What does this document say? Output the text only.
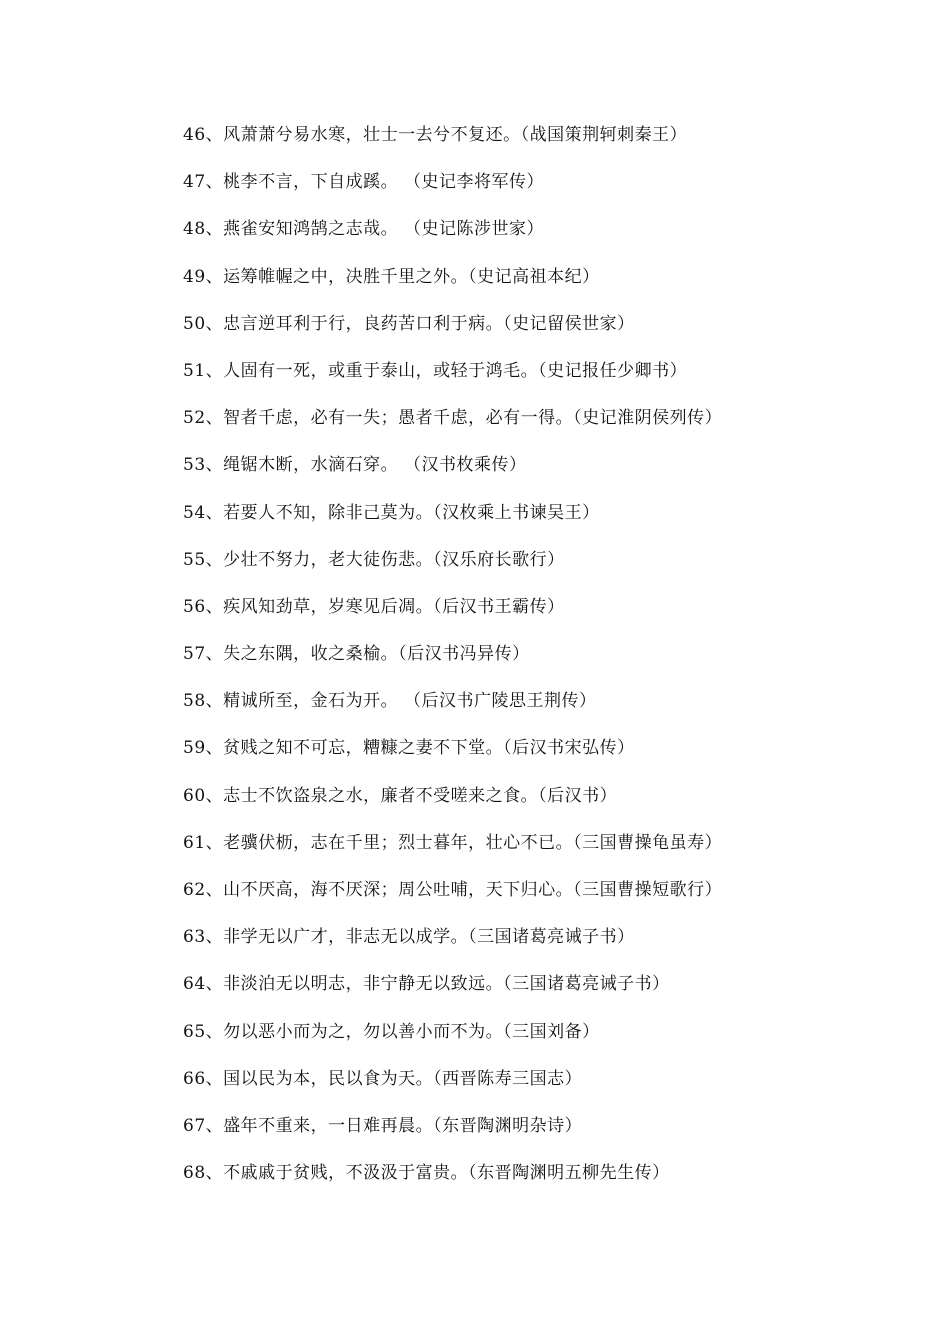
46、风萧萧兮易水寒，壮士一去兮不复还。（战国策荆轲刺秦王）
47、桃李不言，下自成蹊。 （史记李将军传）
48、燕雀安知鸿鹄之志哉。 （史记陈涉世家）
49、运筹帷幄之中，决胜千里之外。（史记高祖本纪）
50、忠言逆耳利于行，良药苦口利于病。（史记留侯世家）
51、人固有一死，或重于泰山，或轻于鸿毛。（史记报任少卿书）
52、智者千虑，必有一失；愚者千虑，必有一得。（史记淮阴侯列传）
53、绳锯木断，水滴石穿。 （汉书枚乘传）
54、若要人不知，除非己莫为。（汉枚乘上书谏吴王）
55、少壮不努力，老大徒伤悲。（汉乐府长歌行）
56、疾风知劲草，岁寒见后凋。（后汉书王霸传）
57、失之东隅，收之桑榆。（后汉书冯异传）
58、精诚所至，金石为开。 （后汉书广陵思王荆传）
59、贫贱之知不可忘，糟糠之妻不下堂。（后汉书宋弘传）
60、志士不饮盗泉之水，廉者不受嗟来之食。（后汉书）
61、老骥伏枥，志在千里；烈士暮年，壮心不已。（三国曹操龟虽寿）
62、山不厌高，海不厌深；周公吐哺，天下归心。（三国曹操短歌行）
63、非学无以广才，非志无以成学。（三国诸葛亮诫子书）
64、非淡泊无以明志，非宁静无以致远。（三国诸葛亮诫子书）
65、勿以恶小而为之，勿以善小而不为。（三国刘备）
66、国以民为本，民以食为天。（西晋陈寿三国志）
67、盛年不重来，一日难再晨。（东晋陶渊明杂诗）
68、不戚戚于贫贱，不汲汲于富贵。（东晋陶渊明五柳先生传）
